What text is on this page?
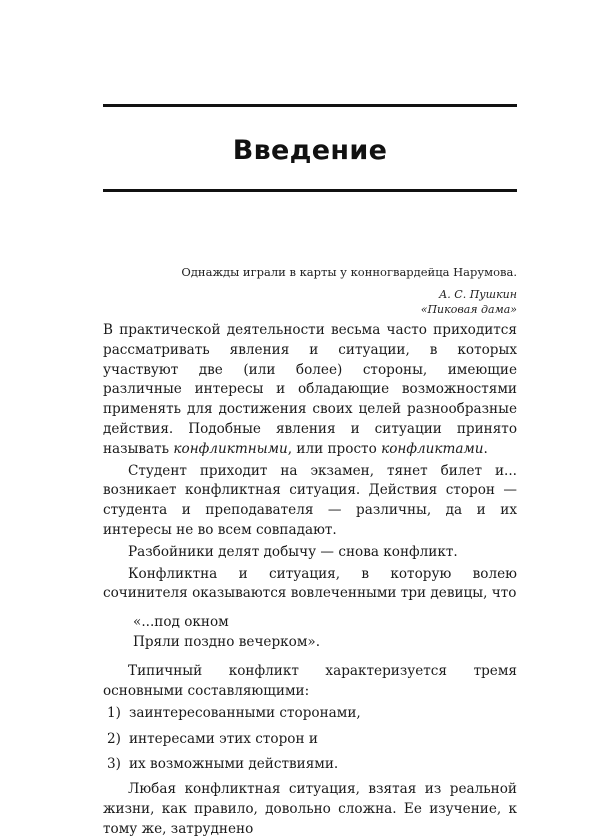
Введение

Однажды играли в карты у конногвардейца Нарумова.

А. С. Пушкин

«Пиковая дама»

В практической деятельности весьма часто приходится рассматривать явления и ситуации, в которых участвуют две (или более) стороны, имеющие различные интересы и обладающие возможностями применять для достижения своих целей разнообразные действия. Подобные явления и ситуации принято называть конфликтными, или просто конфликтами.

Студент приходит на экзамен, тянет билет и... возникает конфликтная ситуация. Действия сторон — студента и преподавателя — различны, да и их интересы не во всем совпадают.

Разбойники делят добычу — снова конфликт.

Конфликтна и ситуация, в которую волею сочинителя оказываются вовлеченными три девицы, что

«...под окном
Пряли поздно вечерком».

Типичный конфликт характеризуется тремя основными составляющими:

1) заинтересованными сторонами,
2) интересами этих сторон и
3) их возможными действиями.

Любая конфликтная ситуация, взятая из реальной жизни, как правило, довольно сложна. Ее изучение, к тому же, затруднено
